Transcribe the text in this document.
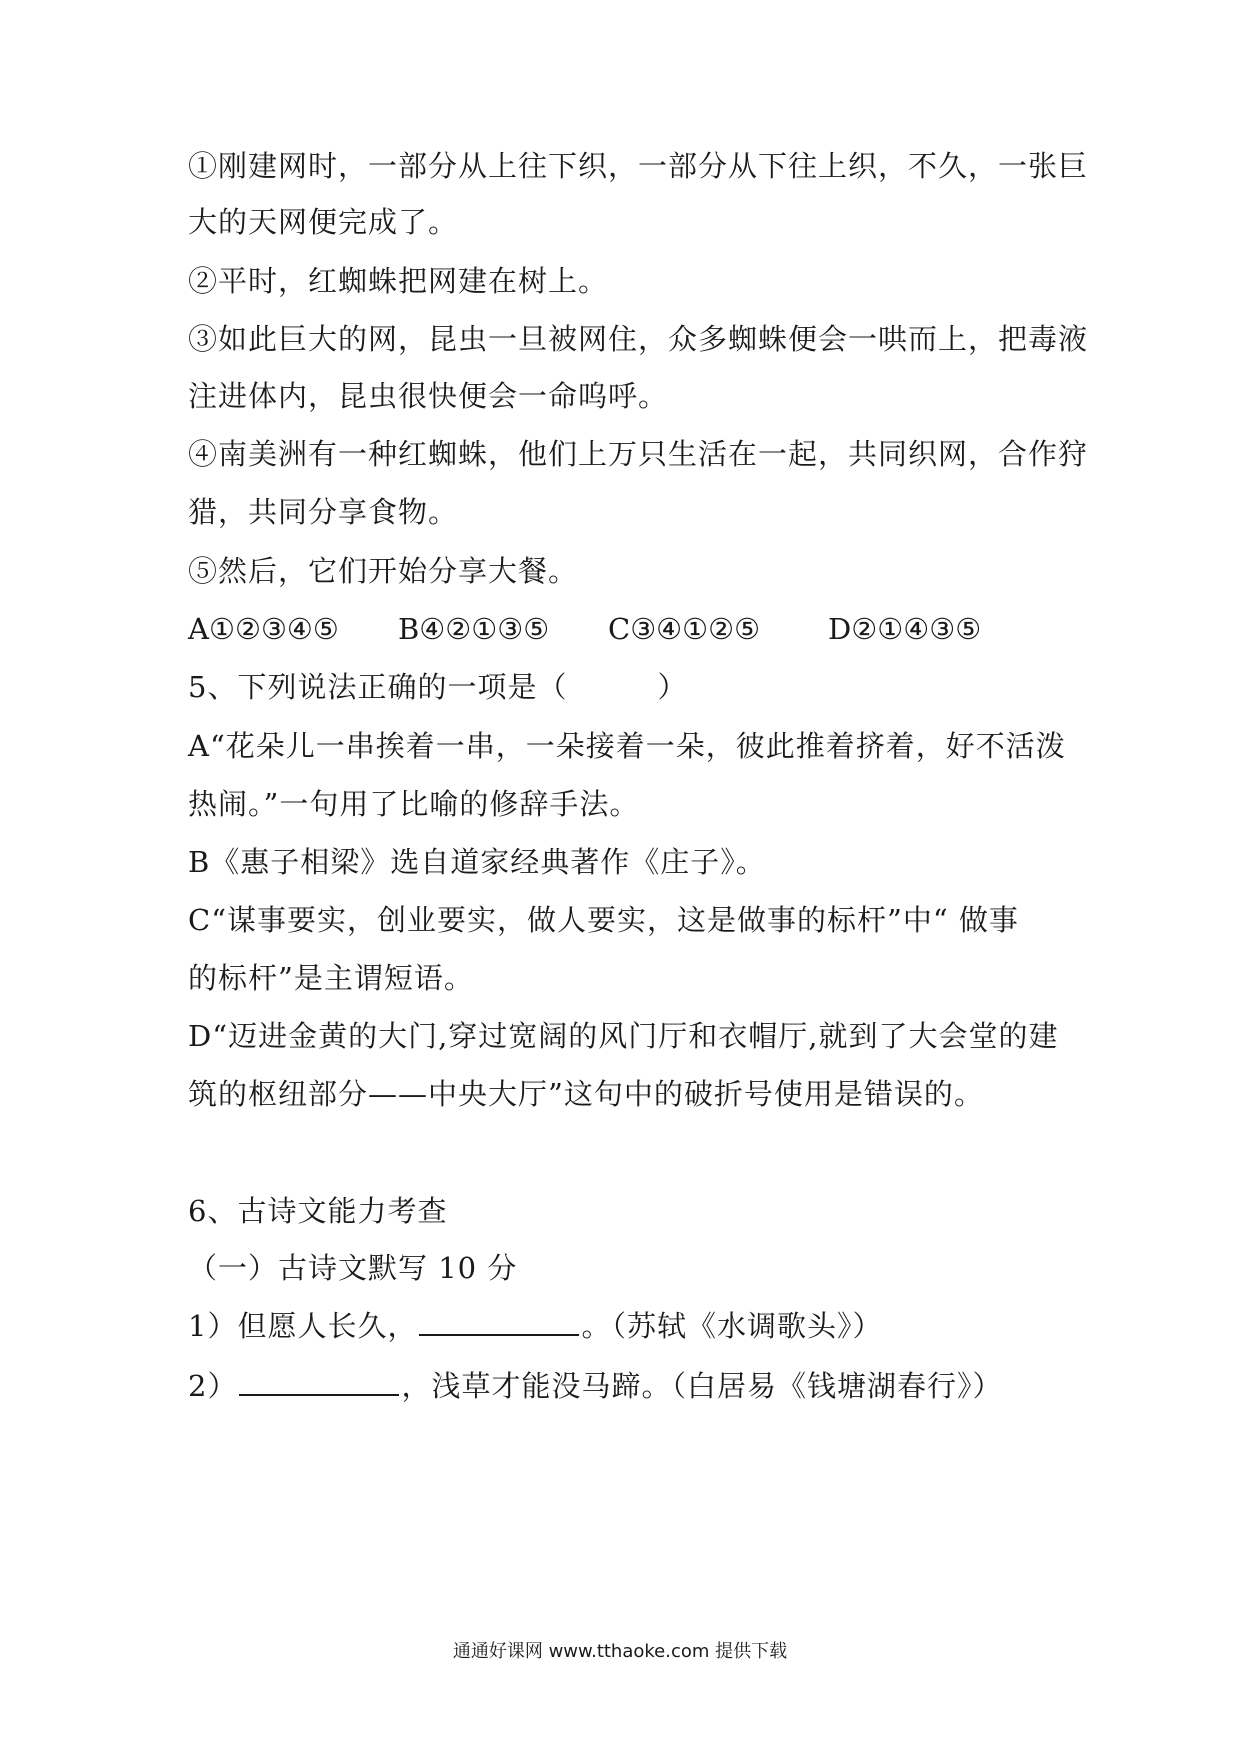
①刚建网时，一部分从上往下织，一部分从下往上织，不久，一张巨
大的天网便完成了。
②平时，红蜘蛛把网建在树上。
③如此巨大的网，昆虫一旦被网住，众多蜘蛛便会一哄而上，把毒液
注进体内，昆虫很快便会一命呜呼。
④南美洲有一种红蜘蛛，他们上万只生活在一起，共同织网，合作狩
猎，共同分享食物。
⑤然后，它们开始分享大餐。
A①②③④⑤ B④②①③⑤ C③④①②⑤ D②①④③⑤
5、下列说法正确的一项是（　　　）
A“花朵儿一串挨着一串，一朵接着一朵，彼此推着挤着，好不活泼
热闹。”一句用了比喻的修辞手法。
B《惠子相梁》选自道家经典著作《庄子》。
C“谋事要实，创业要实，做人要实，这是做事的标杆”中“ 做事
的标杆”是主谓短语。
D“迈进金黄的大门,穿过宽阔的风门厅和衣帽厅,就到了大会堂的建
筑的枢纽部分——中央大厅”这句中的破折号使用是错误的。
6、古诗文能力考查
（一）古诗文默写 10 分
1）但愿人长久，	。（苏轼《水调歌头》）
2）	，浅草才能没马蹄。（白居易《钱塘湖春行》）
通通好课网 www.tthaoke.com 提供下载
